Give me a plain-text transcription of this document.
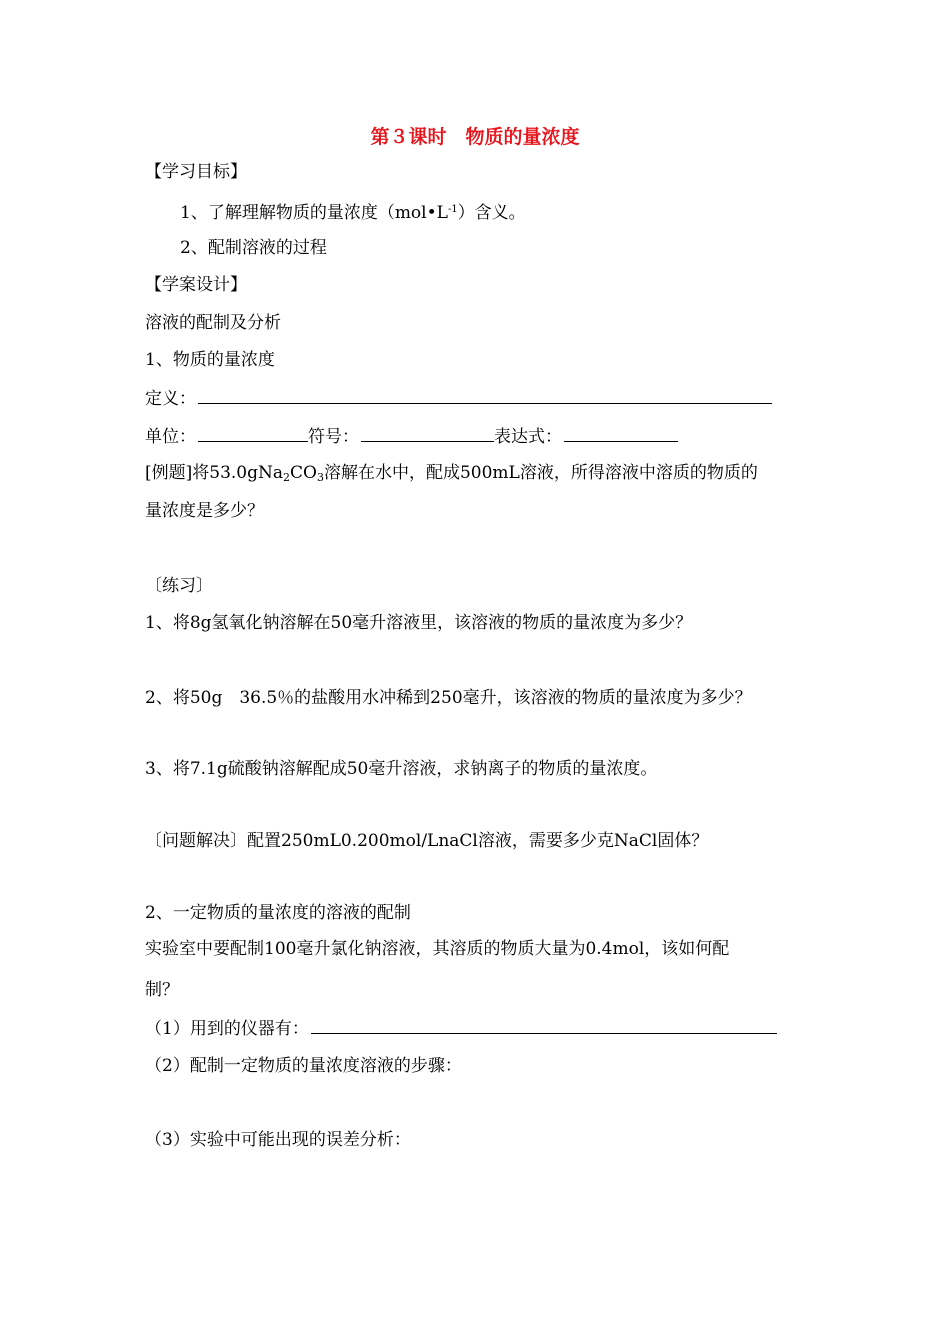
第３课时　物质的量浓度
【学习目标】
1、了解理解物质的量浓度$(mol•L^{-1})$含义。
2、配制溶液的过程
【学案设计】
溶液的配制及分析
1、物质的量浓度
定义：
单位：	符号：	表达式：
[例题]将$53.0gNa_2CO_3$溶解在水中，配成500mL溶液，所得溶液中溶质的物质的
量浓度是多少？
〔练习〕
1、将8g氢氧化钠溶解在50毫升溶液里，该溶液的物质的量浓度为多少？
2、将50g　36.5％的盐酸用水冲稀到250毫升，该溶液的物质的量浓度为多少？
3、将7.1g硫酸钠溶解配成50毫升溶液，求钠离子的物质的量浓度。
〔问题解决〕配置250mL0.200mol/LnaCl溶液，需要多少克NaCl固体？
2、一定物质的量浓度的溶液的配制
实验室中要配制100毫升氯化钠溶液，其溶质的物质大量为0.4mol，该如何配
制？
（1）用到的仪器有：
（2）配制一定物质的量浓度溶液的步骤：
（3）实验中可能出现的误差分析：
